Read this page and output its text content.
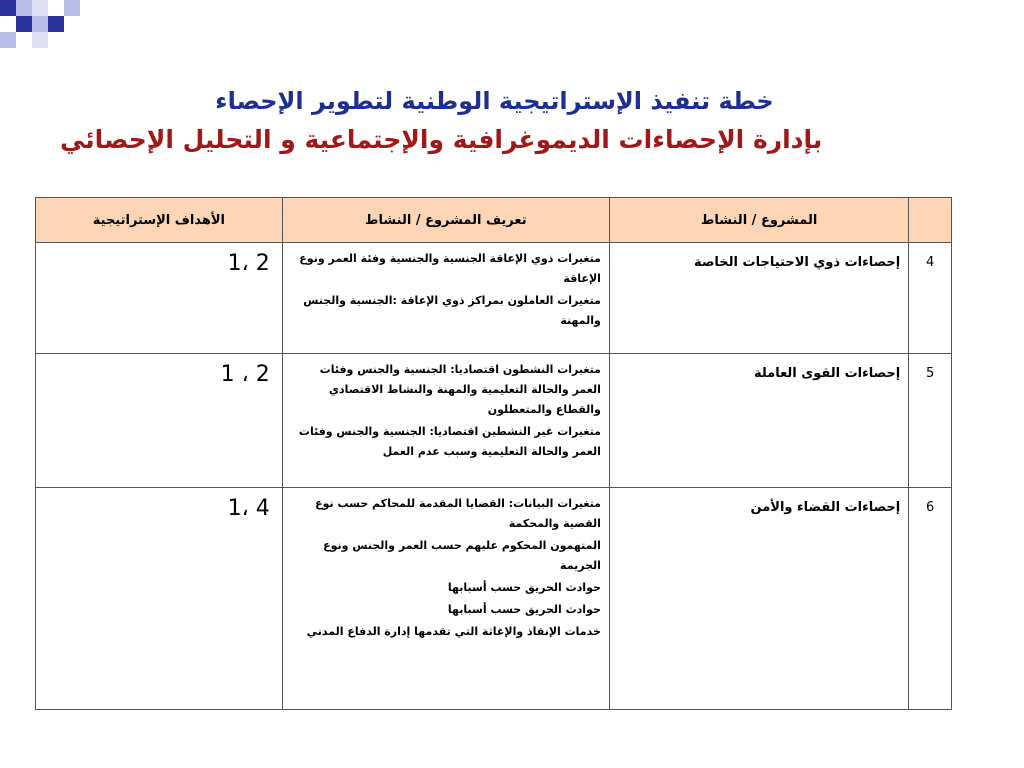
خطة تنفيذ الإستراتيجية الوطنية لتطوير الإحصاء
بإدارة الإحصاءات الديموغرافية والإجتماعية و التحليل الإحصائي
	المشروع / النشاط	تعريف المشروع / النشاط	الأهداف الإستراتيجية
4	إحصاءات ذوي الاحتياجات الخاصة	متغيرات ذوي الإعاقة الجنسية والجنسية وفئة العمر ونوع الإعاقة
متغيرات العاملون بمراكز ذوي الإعاقة :الجنسية والجنس والمهنة	1، 2
5	إحصاءات القوى العاملة	متغيرات النشطون اقتصاديا: الجنسية والجنس وفئات العمر والحالة التعليمية والمهنة والنشاط الاقتصادي والقطاع والمتعطلون
متغيرات غير النشطين اقتصاديا: الجنسية والجنس وفئات العمر والحالة التعليمية وسبب عدم العمل	1 ، 2
6	إحصاءات القضاء والأمن	متغيرات البيانات: القضايا المقدمة للمحاكم حسب نوع القضية والمحكمة
المتهمون المحكوم عليهم حسب العمر والجنس ونوع الجريمة
حوادث الحريق حسب أسبابها
حوادث الحريق حسب أسبابها
خدمات الإنقاذ والإغاثة التي تقدمها إدارة الدفاع المدني	1، 4
